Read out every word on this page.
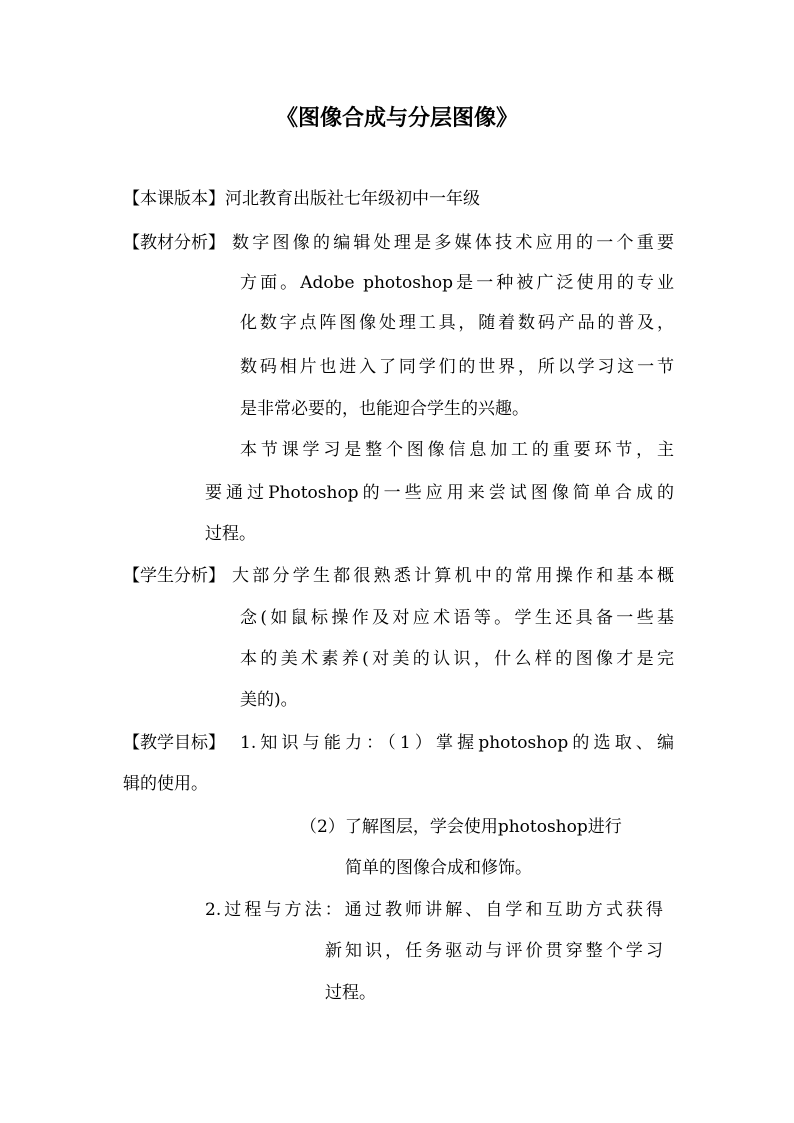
《图像合成与分层图像》
【本课版本】河北教育出版社七年级初中一年级
【教材分析】 数字图像的编辑处理是多媒体技术应用的一个重要
方面。Adobe photoshop是一种被广泛使用的专业
化数字点阵图像处理工具，随着数码产品的普及，
数码相片也进入了同学们的世界，所以学习这一节
是非常必要的，也能迎合学生的兴趣。
本节课学习是整个图像信息加工的重要环节，主
要通过Photoshop的一些应用来尝试图像简单合成的
过程。
【学生分析】 大部分学生都很熟悉计算机中的常用操作和基本概
念(如鼠标操作及对应术语等。学生还具备一些基
本的美术素养(对美的认识，什么样的图像才是完
美的)。
【教学目标】 1.知识与能力：（1）掌握photoshop的选取、编
辑的使用。
（2）了解图层，学会使用photoshop进行
简单的图像合成和修饰。
2.过程与方法：通过教师讲解、自学和互助方式获得
新知识，任务驱动与评价贯穿整个学习
过程。
